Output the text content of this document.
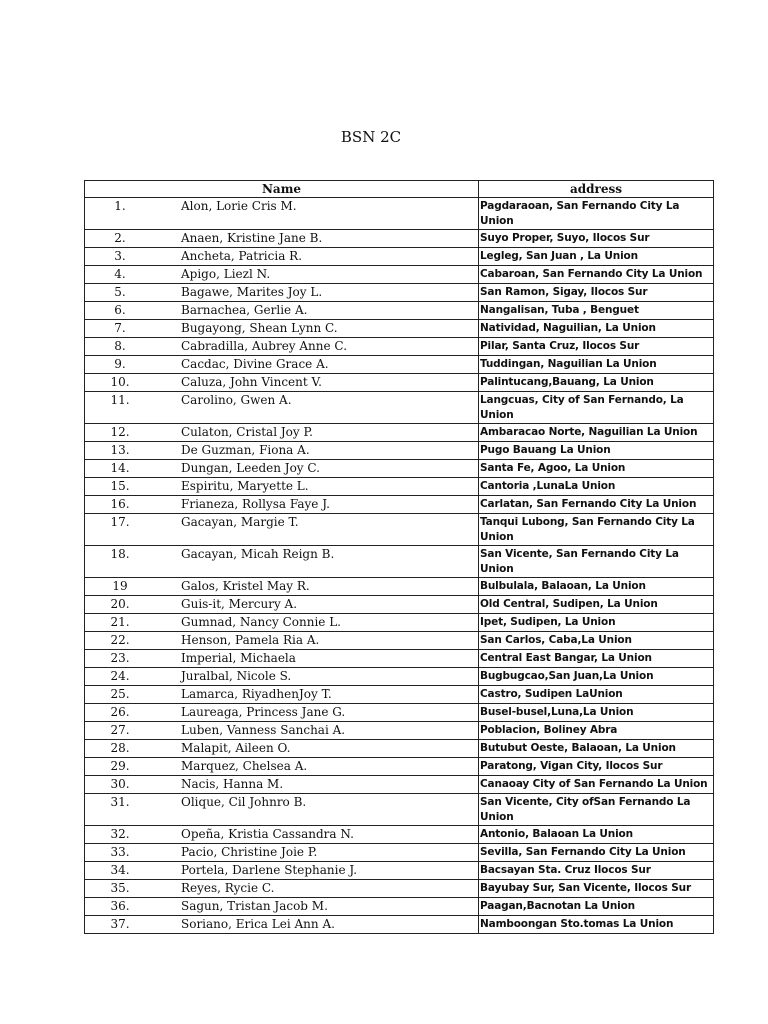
BSN 2C
Name	address

1. Alon, Lorie Cris M.	Pagdaraoan, San Fernando City La Union

2. Anaen, Kristine Jane B.	Suyo Proper, Suyo, Ilocos Sur

3. Ancheta, Patricia R.	Legleg, San Juan , La Union

4. Apigo, Liezl N.	Cabaroan, San Fernando City La Union

5. Bagawe, Marites Joy L.	San Ramon, Sigay, Ilocos Sur

6. Barnachea, Gerlie A.	Nangalisan, Tuba , Benguet

7. Bugayong, Shean Lynn C.	Natividad, Naguilian, La Union

8. Cabradilla, Aubrey Anne C.	Pilar, Santa Cruz, Ilocos Sur

9. Cacdac, Divine Grace A.	Tuddingan, Naguilian La Union

10. Caluza, John Vincent V.	Palintucang,Bauang, La Union

11. Carolino, Gwen A.	Langcuas, City of San Fernando, La Union

12. Culaton, Cristal Joy P.	Ambaracao Norte, Naguilian La Union

13. De Guzman, Fiona A.	Pugo Bauang La Union

14. Dungan, Leeden Joy C.	Santa Fe, Agoo, La Union

15. Espiritu, Maryette L.	Cantoria ,LunaLa Union

16. Frianeza, Rollysa Faye J.	Carlatan, San Fernando City La Union

17. Gacayan, Margie T.	Tanqui Lubong, San Fernando City La Union

18. Gacayan, Micah Reign B.	San Vicente, San Fernando City La Union

19 Galos, Kristel May R.	Bulbulala, Balaoan, La Union

20. Guis-it, Mercury A.	Old Central, Sudipen, La Union

21. Gumnad, Nancy Connie L.	Ipet, Sudipen, La Union

22. Henson, Pamela Ria A.	San Carlos, Caba,La Union

23. Imperial, Michaela	Central East Bangar, La Union

24. Juralbal, Nicole S.	Bugbugcao,San Juan,La Union

25. Lamarca, RiyadhenJoy T.	Castro, Sudipen LaUnion

26. Laureaga, Princess Jane G.	Busel-busel,Luna,La Union

27. Luben, Vanness Sanchai A.	Poblacion, Boliney Abra

28. Malapit, Aileen O.	Butubut Oeste, Balaoan, La Union

29. Marquez, Chelsea A.	Paratong, Vigan City, Ilocos Sur

30. Nacis, Hanna M.	Canaoay City of San Fernando La Union

31. Olique, Cil Johnro B.	San Vicente, City ofSan Fernando La Union

32. Opeña, Kristia Cassandra N.	Antonio, Balaoan La Union

33. Pacio, Christine Joie P.	Sevilla, San Fernando City La Union

34. Portela, Darlene Stephanie J.	Bacsayan Sta. Cruz Ilocos Sur

35. Reyes, Rycie C.	Bayubay Sur, San Vicente, Ilocos Sur

36. Sagun, Tristan Jacob M.	Paagan,Bacnotan La Union

37. Soriano, Erica Lei Ann A.	Namboongan Sto.tomas La Union
